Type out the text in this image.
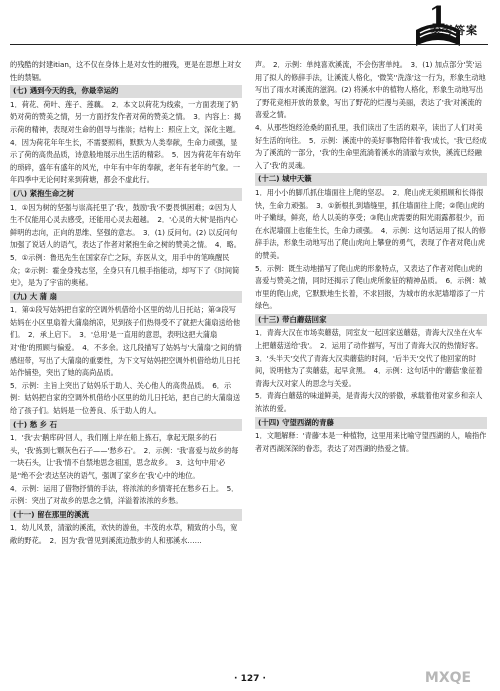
1
参考答案

的残酷的封建itian，这不仅在身体上是对女性的摧残，更是在思想上对女性的禁锢。

(七) 遇到今天的我，你最幸运的

1．荷花、荷叶、莲子、莲藕。　2．本文以荷花为线索，一方面表现了奶奶对荷的赞美之情，另一方面抒发作者对荷的赞美之情。　3．内容上：揭示荷的精神，表现对生命的倡导与推崇；结构上：照应上文，深化主题。　4．因为荷花年年生长，不需要照料，默默为人类奉献，生命力顽强，显示了荷的高贵品质，诗意般地展示出生活的精彩。　5．因为荷花年有幼年的琐碎，盛年有盛年的风光，中年有中年的奉献，老年有老年的气象。一年四季中无论何时来到荷塘，都会不虚此行。

(八) 紧抱生命之树

1．①因为树的坚强与崇高托里了'我'，鼓励'我'不要畏惧困难；②因为人生不仅能用心灵去感受，还能用心灵去超越。　2．'心灵的大树'是指内心鲜明的志向，正向的思维、坚强的意志。　3．(1) 反问句。(2) 以反问句加强了说话人的语气，表达了作者对紧抱生命之树的赞美之情。　4．略。　5．①示例：鲁迅先生在国家存亡之际，弃医从文，用手中的笔唤醒民众；②示例：霍金身残志坚，全身只有几根手指能动，却写下了《时间简史》，是为了宇宙的奥秘。

(九) 大 蒲 扇

1．第①段写姑妈把自家的空调外机借给小区里的幼儿日托站；第③段写姑妈在小区里扇着大蒲扇纳凉，见到孩子们热得受不了就把大蒲扇送给他们。　2．承上启下。　3．'总用'是一直用的意思，表明这把大蒲扇对'他'的照顾与偏爱。　4．不多余。这几段描写了姑妈与'大蒲扇'之间的情感纽带，写出了大蒲扇的重要性，为下文写姑妈把空调外机借给幼儿日托站作铺垫，突出了她的高尚品质。

5．示例：主旨上突出了姑妈乐于助人、关心他人的高贵品质。　6．示例：姑妈把自家的空调外机借给小区里的幼儿日托站，把自己的大蒲扇送给了孩子们。姑妈是一位善良、乐于助人的人。

(十) 愁 乡 石

1．'我'去'鹅库码'回人，我们刚上岸在船上拣石，拿起无限多的石头，'我'拣到七颗灰色石子——'愁乡石'。　2．示例：'我'喜爱与故乡的每一块石头，让'我'情不自禁地思念祖国，思念故乡。　3．这句中用'必是''绝不会'表达坚决的语气，强调了家乡在'我'心中的地位。

4．示例：运用了借物抒情的手法，将浓浓的乡情寄托在愁乡石上。　5．示例：突出了对故乡的思念之情，洋溢着浓浓的乡愁。

(十一) 留在那里的溪流

1．幼儿风景，清澈的溪流，欢快的游鱼，丰茂的水草，精致的小鸟，宽敞的野花。　2．因为'我'曾见到溪流边散步的人和那溪水……

声。　2．示例：单纯喜欢溪流，不会伤害单纯。　3．(1) 加点部分'笑'运用了拟人的修辞手法，让溪流人格化，'微笑''洗涤'这一行为，形象生动地写出了雨水对溪流的滋润。(2) 将溪水中的植物人格化，形象生动地写出了野花竞相开放的景象，写出了野花的烂漫与美丽，表达了'我'对溪流的喜爱之情。

4．从那些饱经沧桑的面孔里，我们读出了生活的艰辛，读出了人们对美好生活的向往。　5．示例：溪流中的美好事物陪伴着'我'成长，'我'已经成为了溪流的一部分，'我'的生命里流淌着溪水的清澈与欢快，溪流已经融入了'我'的灵魂。

(十二) 城中天籁

1．用小小的脚爪抓住墙面往上爬的坚忍。　2．爬山虎无须照顾和长得很快，生命力顽强。　3．①新根扎到墙缝里，抓住墙面往上爬；②爬山虎的叶子嫩绿，鲜亮，给人以美的享受；③爬山虎需要的阳光雨露都很少，而在水泥墙面上也能生长，生命力顽强。　4．示例：这句话运用了拟人的修辞手法，形象生动地写出了爬山虎向上攀登的勇气，表现了作者对爬山虎的赞美。

5．示例：既生动地描写了爬山虎的形象特点，又表达了作者对爬山虎的喜爱与赞美之情，同时还揭示了爬山虎所象征的精神品质。　6．示例：城市里的爬山虎，它默默地生长着，不求回报，为城市的水泥墙增添了一片绿色。

(十三) 带白蘑菇回家

1．青海大汉在市场卖蘑菇，同室友一起回家送蘑菇，青海大汉坐在火车上把蘑菇送给'我'。　2．运用了动作描写，写出了青海大汉的热情好客。　3．'头半天'交代了青海大汉卖蘑菇的时间，'后半天'交代了他回家的时间，说明他为了卖蘑菇，起早贪黑。　4．示例：这句话中的'蘑菇'象征着青海大汉对家人的思念与关爱。

5．青海白蘑菇的味道鲜美，是青海大汉的骄傲，承载着他对家乡和亲人浓浓的爱。

(十四) 守望西湖的青藤

1．文题解释：'青藤'本是一种植物，这里用来比喻守望西湖的人，喻指作者对西湖深深的眷恋，表达了对西湖的热爱之情。

· 127 ·	MXQE
